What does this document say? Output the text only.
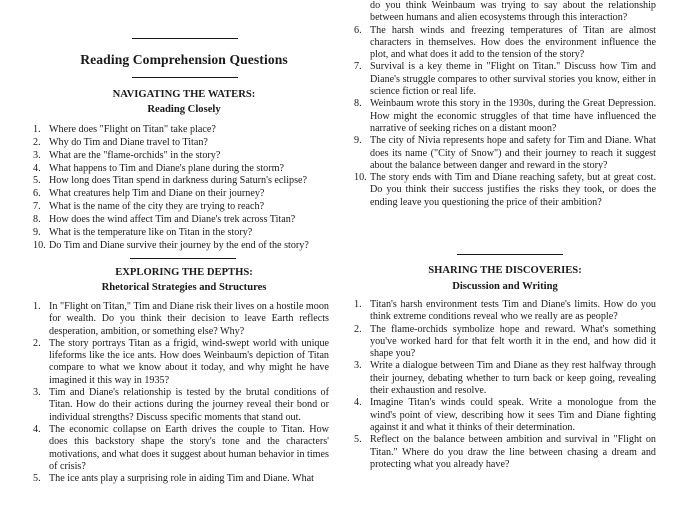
Reading Comprehension Questions
NAVIGATING THE WATERS:
Reading Closely
1. Where does "Flight on Titan" take place?
2. Why do Tim and Diane travel to Titan?
3. What are the "flame-orchids" in the story?
4. What happens to Tim and Diane's plane during the storm?
5. How long does Titan spend in darkness during Saturn's eclipse?
6. What creatures help Tim and Diane on their journey?
7. What is the name of the city they are trying to reach?
8. How does the wind affect Tim and Diane's trek across Titan?
9. What is the temperature like on Titan in the story?
10. Do Tim and Diane survive their journey by the end of the story?
EXPLORING THE DEPTHS:
Rhetorical Strategies and Structures
1. In "Flight on Titan," Tim and Diane risk their lives on a hostile moon for wealth. Do you think their decision to leave Earth reflects desperation, ambition, or something else? Why?
2. The story portrays Titan as a frigid, wind-swept world with unique lifeforms like the ice ants. How does Weinbaum's depiction of Titan compare to what we know about it today, and why might he have imagined it this way in 1935?
3. Tim and Diane's relationship is tested by the brutal conditions of Titan. How do their actions during the journey reveal their bond or individual strengths? Discuss specific moments that stand out.
4. The economic collapse on Earth drives the couple to Titan. How does this backstory shape the story's tone and the characters' motivations, and what does it suggest about human behavior in times of crisis?
5. The ice ants play a surprising role in aiding Tim and Diane. What
do you think Weinbaum was trying to say about the relationship between humans and alien ecosystems through this interaction?
6. The harsh winds and freezing temperatures of Titan are almost characters in themselves. How does the environment influence the plot, and what does it add to the tension of the story?
7. Survival is a key theme in "Flight on Titan." Discuss how Tim and Diane's struggle compares to other survival stories you know, either in science fiction or real life.
8. Weinbaum wrote this story in the 1930s, during the Great Depression. How might the economic struggles of that time have influenced the narrative of seeking riches on a distant moon?
9. The city of Nivia represents hope and safety for Tim and Diane. What does its name ("City of Snow") and their journey to reach it suggest about the balance between danger and reward in the story?
10. The story ends with Tim and Diane reaching safety, but at great cost. Do you think their success justifies the risks they took, or does the ending leave you questioning the price of their ambition?
SHARING THE DISCOVERIES:
Discussion and Writing
1. Titan's harsh environment tests Tim and Diane's limits. How do you think extreme conditions reveal who we really are as people?
2. The flame-orchids symbolize hope and reward. What's something you've worked hard for that felt worth it in the end, and how did it shape you?
3. Write a dialogue between Tim and Diane as they rest halfway through their journey, debating whether to turn back or keep going, revealing their exhaustion and resolve.
4. Imagine Titan's winds could speak. Write a monologue from the wind's point of view, describing how it sees Tim and Diane fighting against it and what it thinks of their determination.
5. Reflect on the balance between ambition and survival in "Flight on Titan." Where do you draw the line between chasing a dream and protecting what you already have?
